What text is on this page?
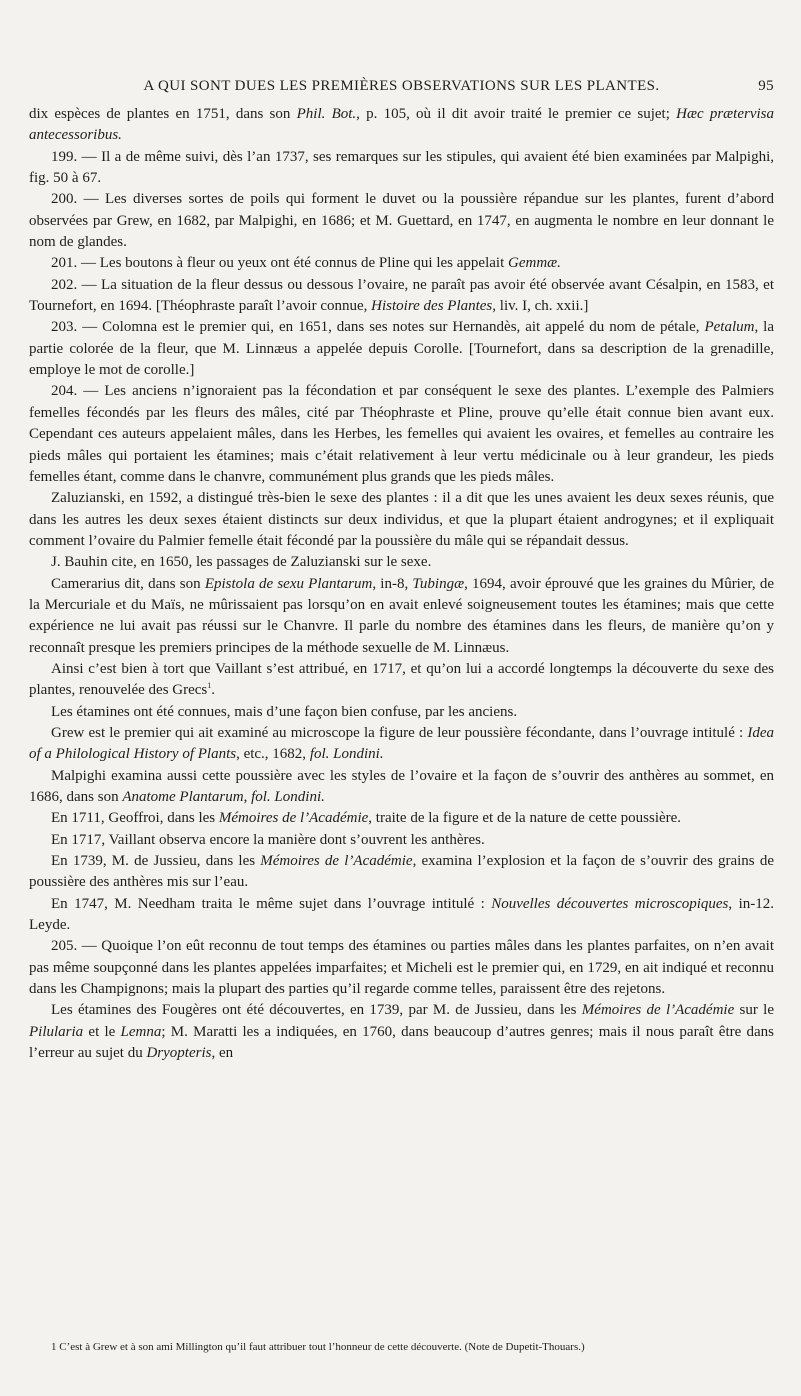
A QUI SONT DUES LES PREMIÈRES OBSERVATIONS SUR LES PLANTES.	95

dix espèces de plantes en 1751, dans son Phil. Bot., p. 105, où il dit avoir traité le premier ce sujet; Hæc prætervisa antecessoribus.

199. — Il a de même suivi, dès l’an 1737, ses remarques sur les stipules, qui avaient été bien examinées par Malpighi, fig. 50 à 67.

200. — Les diverses sortes de poils qui forment le duvet ou la poussière répandue sur les plantes, furent d’abord observées par Grew, en 1682, par Malpighi, en 1686; et M. Guettard, en 1747, en augmenta le nombre en leur donnant le nom de glandes.

201. — Les boutons à fleur ou yeux ont été connus de Pline qui les appelait Gemmæ.

202. — La situation de la fleur dessus ou dessous l’ovaire, ne paraît pas avoir été observée avant Césalpin, en 1583, et Tournefort, en 1694. [Théophraste paraît l’avoir connue, Histoire des Plantes, liv. I, ch. xxii.]

203. — Colomna est le premier qui, en 1651, dans ses notes sur Hernandès, ait appelé du nom de pétale, Petalum, la partie colorée de la fleur, que M. Linnæus a appelée depuis Corolle. [Tournefort, dans sa description de la grenadille, employe le mot de corolle.]

204. — Les anciens n’ignoraient pas la fécondation et par conséquent le sexe des plantes. L’exemple des Palmiers femelles fécondés par les fleurs des mâles, cité par Théophraste et Pline, prouve qu’elle était connue bien avant eux. Cependant ces auteurs appelaient mâles, dans les Herbes, les femelles qui avaient les ovaires, et femelles au contraire les pieds mâles qui portaient les étamines; mais c’était relativement à leur vertu médicinale ou à leur grandeur, les pieds femelles étant, comme dans le chanvre, communément plus grands que les pieds mâles.

Zaluzianski, en 1592, a distingué très-bien le sexe des plantes : il a dit que les unes avaient les deux sexes réunis, que dans les autres les deux sexes étaient distincts sur deux individus, et que la plupart étaient androgynes; et il expliquait comment l’ovaire du Palmier femelle était fécondé par la poussière du mâle qui se répandait dessus.

J. Bauhin cite, en 1650, les passages de Zaluzianski sur le sexe.

Camerarius dit, dans son Epistola de sexu Plantarum, in-8, Tubingæ, 1694, avoir éprouvé que les graines du Mûrier, de la Mercuriale et du Maïs, ne mûrissaient pas lorsqu’on en avait enlevé soigneusement toutes les étamines; mais que cette expérience ne lui avait pas réussi sur le Chanvre. Il parle du nombre des étamines dans les fleurs, de manière qu’on y reconnaît presque les premiers principes de la méthode sexuelle de M. Linnæus.

Ainsi c’est bien à tort que Vaillant s’est attribué, en 1717, et qu’on lui a accordé longtemps la découverte du sexe des plantes, renouvelée des Grecs$^1$.

Les étamines ont été connues, mais d’une façon bien confuse, par les anciens.

Grew est le premier qui ait examiné au microscope la figure de leur poussière fécondante, dans l’ouvrage intitulé : Idea of a Philological History of Plants, etc., 1682, fol. Londini.

Malpighi examina aussi cette poussière avec les styles de l’ovaire et la façon de s’ouvrir des anthères au sommet, en 1686, dans son Anatome Plantarum, fol. Londini.

En 1711, Geoffroi, dans les Mémoires de l’Académie, traite de la figure et de la nature de cette poussière.

En 1717, Vaillant observa encore la manière dont s’ouvrent les anthères.

En 1739, M. de Jussieu, dans les Mémoires de l’Académie, examina l’explosion et la façon de s’ouvrir des grains de poussière des anthères mis sur l’eau.

En 1747, M. Needham traita le même sujet dans l’ouvrage intitulé : Nouvelles découvertes microscopiques, in-12. Leyde.

205. — Quoique l’on eût reconnu de tout temps des étamines ou parties mâles dans les plantes parfaites, on n’en avait pas même soupçonné dans les plantes appelées imparfaites; et Micheli est le premier qui, en 1729, en ait indiqué et reconnu dans les Champignons; mais la plupart des parties qu’il regarde comme telles, paraissent être des rejetons.

Les étamines des Fougères ont été découvertes, en 1739, par M. de Jussieu, dans les Mémoires de l’Académie sur le Pilularia et le Lemna; M. Maratti les a indiquées, en 1760, dans beaucoup d’autres genres; mais il nous paraît être dans l’erreur au sujet du Dryopteris, en

1 C’est à Grew et à son ami Millington qu’il faut attribuer tout l’honneur de cette découverte. (Note de Dupetit-Thouars.)
